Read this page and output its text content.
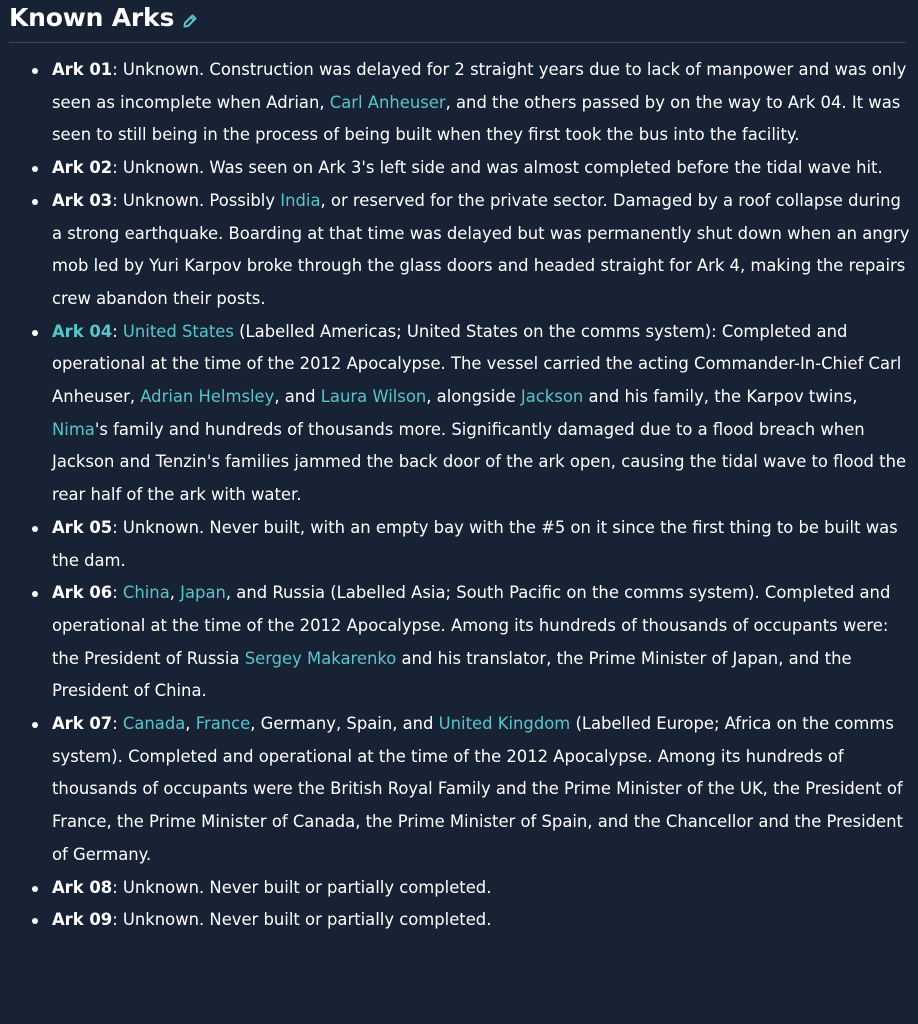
Known Arks
Ark 01: Unknown. Construction was delayed for 2 straight years due to lack of manpower and was only seen as incomplete when Adrian, Carl Anheuser, and the others passed by on the way to Ark 04. It was seen to still being in the process of being built when they first took the bus into the facility.
Ark 02: Unknown. Was seen on Ark 3's left side and was almost completed before the tidal wave hit.
Ark 03: Unknown. Possibly India, or reserved for the private sector. Damaged by a roof collapse during a strong earthquake. Boarding at that time was delayed but was permanently shut down when an angry mob led by Yuri Karpov broke through the glass doors and headed straight for Ark 4, making the repairs crew abandon their posts.
Ark 04: United States (Labelled Americas; United States on the comms system): Completed and operational at the time of the 2012 Apocalypse. The vessel carried the acting Commander-In-Chief Carl Anheuser, Adrian Helmsley, and Laura Wilson, alongside Jackson and his family, the Karpov twins, Nima's family and hundreds of thousands more. Significantly damaged due to a flood breach when Jackson and Tenzin's families jammed the back door of the ark open, causing the tidal wave to flood the rear half of the ark with water.
Ark 05: Unknown. Never built, with an empty bay with the #5 on it since the first thing to be built was the dam.
Ark 06: China, Japan, and Russia (Labelled Asia; South Pacific on the comms system). Completed and operational at the time of the 2012 Apocalypse. Among its hundreds of thousands of occupants were: the President of Russia Sergey Makarenko and his translator, the Prime Minister of Japan, and the President of China.
Ark 07: Canada, France, Germany, Spain, and United Kingdom (Labelled Europe; Africa on the comms system). Completed and operational at the time of the 2012 Apocalypse. Among its hundreds of thousands of occupants were the British Royal Family and the Prime Minister of the UK, the President of France, the Prime Minister of Canada, the Prime Minister of Spain, and the Chancellor and the President of Germany.
Ark 08: Unknown. Never built or partially completed.
Ark 09: Unknown. Never built or partially completed.
